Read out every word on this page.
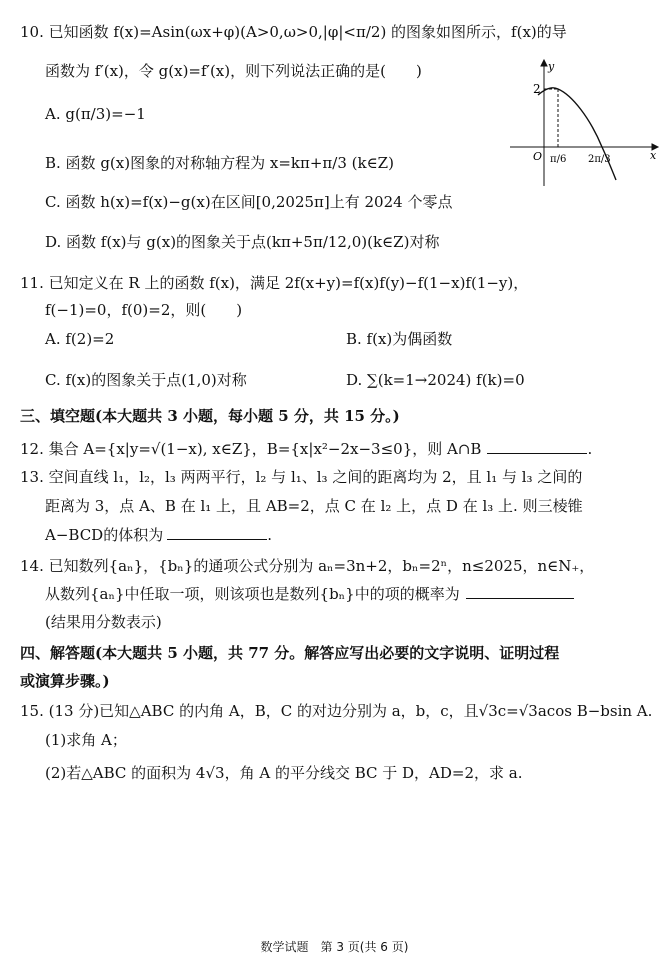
10. 已知函数 f(x)=Asin(ωx+φ)(A>0,ω>0,|φ|<π/2) 的图象如图所示，f(x)的导
函数为 f′(x)，令 g(x)=f′(x)，则下列说法正确的是(　　)
A. g(π/3)=−1
B. 函数 g(x)图象的对称轴方程为 x=kπ+π/3 (k∈Z)
C. 函数 h(x)=f(x)−g(x)在区间[0,2025π]上有 2024 个零点
D. 函数 f(x)与 g(x)的图象关于点(kπ+5π/12,0)(k∈Z)对称
y
x
O
2
π/6 2π/3
11. 已知定义在 R 上的函数 f(x)，满足 2f(x+y)=f(x)f(y)−f(1−x)f(1−y)，
f(−1)=0，f(0)=2，则(　　)
A. f(2)=2	B. f(x)为偶函数
C. f(x)的图象关于点(1,0)对称	D. ∑(k=1→2024) f(k)=0
三、填空题(本大题共 3 小题，每小题 5 分，共 15 分。)
12. 集合 A={x|y=√(1−x), x∈Z}，B={x|x²−2x−3≤0}，则 A∩B	.
13. 空间直线 l₁，l₂，l₃ 两两平行，l₂ 与 l₁、l₃ 之间的距离均为 2，且 l₁ 与 l₃ 之间的
距离为 3，点 A、B 在 l₁ 上，且 AB=2，点 C 在 l₂ 上，点 D 在 l₃ 上. 则三棱锥
A−BCD的体积为	.
14. 已知数列{aₙ}，{bₙ}的通项公式分别为 aₙ=3n+2，bₙ=2ⁿ，n≤2025，n∈N₊，
从数列{aₙ}中任取一项，则该项也是数列{bₙ}中的项的概率为
(结果用分数表示)
四、解答题(本大题共 5 小题，共 77 分。解答应写出必要的文字说明、证明过程
或演算步骤。)
15. (13 分)已知△ABC 的内角 A，B，C 的对边分别为 a，b，c，且√3c=√3acos B−bsin A.
(1)求角 A；
(2)若△ABC 的面积为 4√3，角 A 的平分线交 BC 于 D，AD=2，求 a.
数学试题　第 3 页(共 6 页)
